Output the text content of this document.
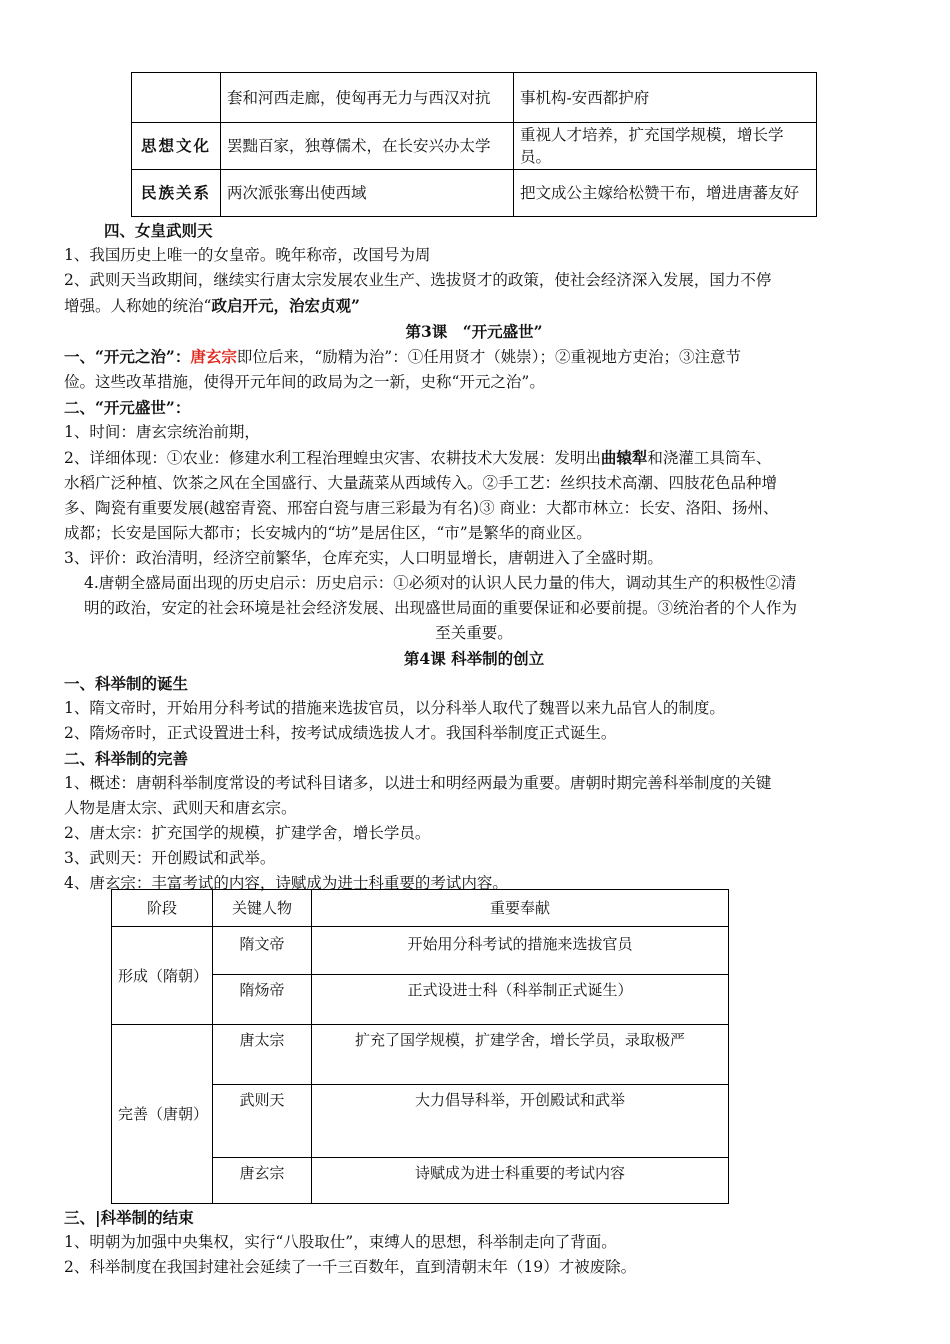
	套和河西走廊，使匈再无力与西汉对抗	事机构-安西都护府
思想文化	罢黜百家，独尊儒术，在长安兴办太学	重视人才培养，扩充国学规模，增长学员。
民族关系	两次派张骞出使西域	把文成公主嫁给松赞干布，增进唐蕃友好
四、女皇武则天
1、我国历史上唯一的女皇帝。晚年称帝，改国号为周
2、武则天当政期间，继续实行唐太宗发展农业生产、选拔贤才的政策，使社会经济深入发展，国力不停
增强。人称她的统治“政启开元，治宏贞观”
第3课　“开元盛世”
一、“开元之治”：唐玄宗即位后来，“励精为治”：①任用贤才（姚崇）；②重视地方吏治；③注意节
俭。这些改革措施，使得开元年间的政局为之一新，史称“开元之治”。
二、“开元盛世”：
1、时间：唐玄宗统治前期，
2、详细体现：①农业：修建水利工程治理蝗虫灾害、农耕技术大发展：发明出曲辕犁和浇灌工具筒车、
水稻广泛种植、饮茶之风在全国盛行、大量蔬菜从西域传入。②手工艺：丝织技术高潮、四肢花色品种增
多、陶瓷有重要发展(越窑青瓷、邢窑白瓷与唐三彩最为有名)③ 商业：大都市林立：长安、洛阳、扬州、
成都；长安是国际大都市；长安城内的“坊”是居住区，“市”是繁华的商业区。
3、评价：政治清明，经济空前繁华，仓库充实，人口明显增长，唐朝进入了全盛时期。
4.唐朝全盛局面出现的历史启示：历史启示：①必须对的认识人民力量的伟大，调动其生产的积极性②清
明的政治，安定的社会环境是社会经济发展、出现盛世局面的重要保证和必要前提。③统治者的个人作为
至关重要。
第4课 科举制的创立
一、科举制的诞生
1、隋文帝时，开始用分科考试的措施来选拔官员，以分科举人取代了魏晋以来九品官人的制度。
2、隋炀帝时，正式设置进士科，按考试成绩选拔人才。我国科举制度正式诞生。
二、科举制的完善
1、概述：唐朝科举制度常设的考试科目诸多，以进士和明经两最为重要。唐朝时期完善科举制度的关键
人物是唐太宗、武则天和唐玄宗。
2、唐太宗：扩充国学的规模，扩建学舍，增长学员。
3、武则天：开创殿试和武举。
4、唐玄宗：丰富考试的内容，诗赋成为进士科重要的考试内容。
阶段	关键人物	重要奉献
形成（隋朝）	隋文帝	开始用分科考试的措施来选拔官员
	隋炀帝	正式设进士科（科举制正式诞生）
完善（唐朝）	唐太宗	扩充了国学规模，扩建学舍，增长学员，录取极严
	武则天	大力倡导科举，开创殿试和武举
	唐玄宗	诗赋成为进士科重要的考试内容
三、|科举制的结束
1、明朝为加强中央集权，实行“八股取仕”，束缚人的思想，科举制走向了背面。
2、科举制度在我国封建社会延续了一千三百数年，直到清朝末年（19）才被废除。
